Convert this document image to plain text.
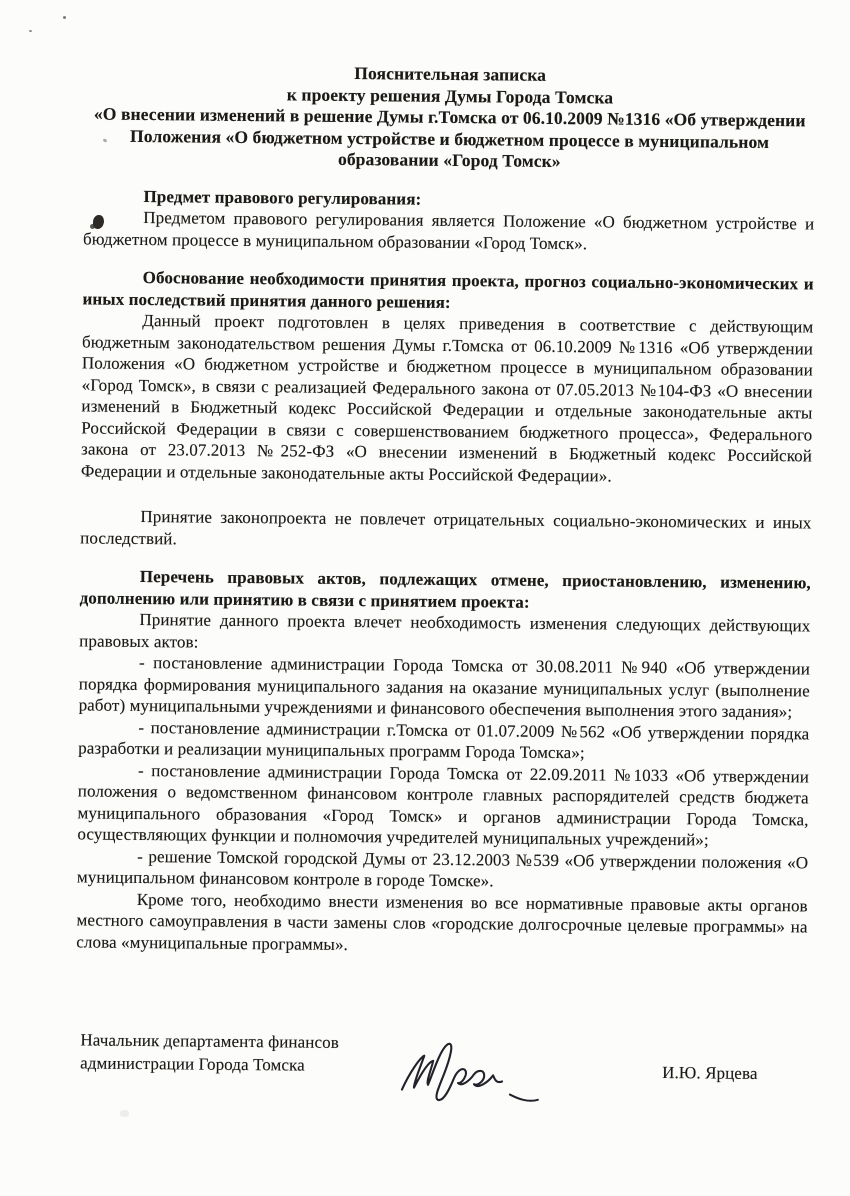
Пояснительная записка
к проекту решения Думы Города Томска
«О внесении изменений в решение Думы г.Томска от 06.10.2009 №1316 «Об утверждении
Положения «О бюджетном устройстве и бюджетном процессе в муниципальном
образовании «Город Томск»

Предмет правового регулирования:

Предметом правового регулирования является Положение «О бюджетном устройстве и бюджетном процессе в муниципальном образовании «Город Томск».

Обоснование необходимости принятия проекта, прогноз социально-экономических и иных последствий принятия данного решения:

Данный проект подготовлен в целях приведения в соответствие с действующим бюджетным законодательством решения Думы г.Томска от 06.10.2009 №1316 «Об утверждении Положения «О бюджетном устройстве и бюджетном процессе в муниципальном образовании «Город Томск», в связи с реализацией Федерального закона от 07.05.2013 №104-ФЗ «О внесении изменений в Бюджетный кодекс Российской Федерации и отдельные законодательные акты Российской Федерации в связи с совершенствованием бюджетного процесса», Федерального закона от 23.07.2013 №252-ФЗ «О внесении изменений в Бюджетный кодекс Российской Федерации и отдельные законодательные акты Российской Федерации».

Принятие законопроекта не повлечет отрицательных социально-экономических и иных последствий.

Перечень правовых актов, подлежащих отмене, приостановлению, изменению, дополнению или принятию в связи с принятием проекта:

Принятие данного проекта влечет необходимость изменения следующих действующих правовых актов:

- постановление администрации Города Томска от 30.08.2011 №940 «Об утверждении порядка формирования муниципального задания на оказание муниципальных услуг (выполнение работ) муниципальными учреждениями и финансового обеспечения выполнения этого задания»;

- постановление администрации г.Томска от 01.07.2009 №562 «Об утверждении порядка разработки и реализации муниципальных программ Города Томска»;

- постановление администрации Города Томска от 22.09.2011 №1033 «Об утверждении положения о ведомственном финансовом контроле главных распорядителей средств бюджета муниципального образования «Город Томск» и органов администрации Города Томска, осуществляющих функции и полномочия учредителей муниципальных учреждений»;

- решение Томской городской Думы от 23.12.2003 №539 «Об утверждении положения «О муниципальном финансовом контроле в городе Томске».

Кроме того, необходимо внести изменения во все нормативные правовые акты органов местного самоуправления в части замены слов «городские долгосрочные целевые программы» на слова «муниципальные программы».

Начальник департамента финансов
администрации Города Томска	И.Ю. Ярцева
